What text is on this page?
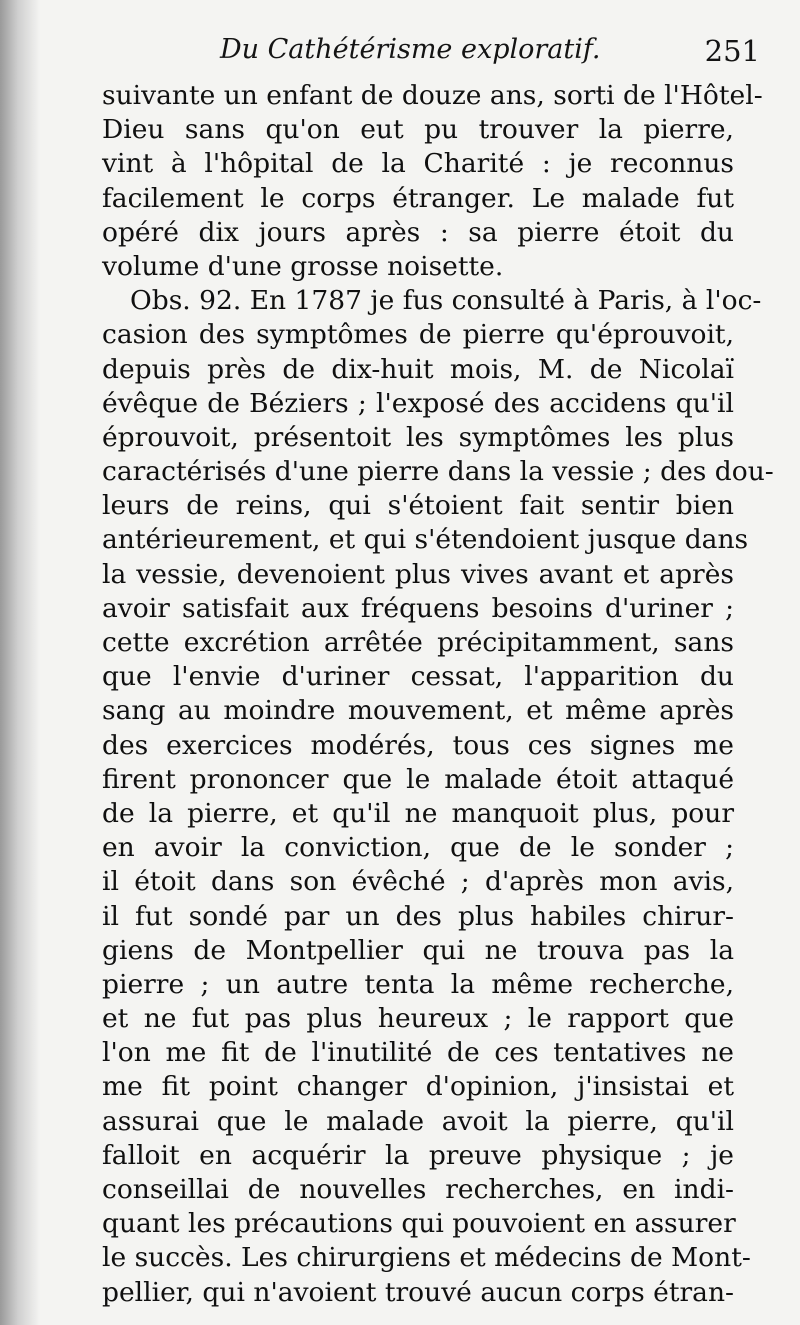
Du Cathétérisme exploratif.	251
suivante un enfant de douze ans, sorti de l'Hôtel-
Dieu sans qu'on eut pu trouver la pierre,
vint à l'hôpital de la Charité : je reconnus
facilement le corps étranger. Le malade fut
opéré dix jours après : sa pierre étoit du
volume d'une grosse noisette.
Obs. 92. En 1787 je fus consulté à Paris, à l'oc-
casion des symptômes de pierre qu'éprouvoit,
depuis près de dix-huit mois, M. de Nicolaï
évêque de Béziers ; l'exposé des accidens qu'il
éprouvoit, présentoit les symptômes les plus
caractérisés d'une pierre dans la vessie ; des dou-
leurs de reins, qui s'étoient fait sentir bien
antérieurement, et qui s'étendoient jusque dans
la vessie, devenoient plus vives avant et après
avoir satisfait aux fréquens besoins d'uriner ;
cette excrétion arrêtée précipitamment, sans
que l'envie d'uriner cessat, l'apparition du
sang au moindre mouvement, et même après
des exercices modérés, tous ces signes me
firent prononcer que le malade étoit attaqué
de la pierre, et qu'il ne manquoit plus, pour
en avoir la conviction, que de le sonder ;
il étoit dans son évêché ; d'après mon avis,
il fut sondé par un des plus habiles chirur-
giens de Montpellier qui ne trouva pas la
pierre ; un autre tenta la même recherche,
et ne fut pas plus heureux ; le rapport que
l'on me fit de l'inutilité de ces tentatives ne
me fit point changer d'opinion, j'insistai et
assurai que le malade avoit la pierre, qu'il
falloit en acquérir la preuve physique ; je
conseillai de nouvelles recherches, en indi-
quant les précautions qui pouvoient en assurer
le succès. Les chirurgiens et médecins de Mont-
pellier, qui n'avoient trouvé aucun corps étran-
